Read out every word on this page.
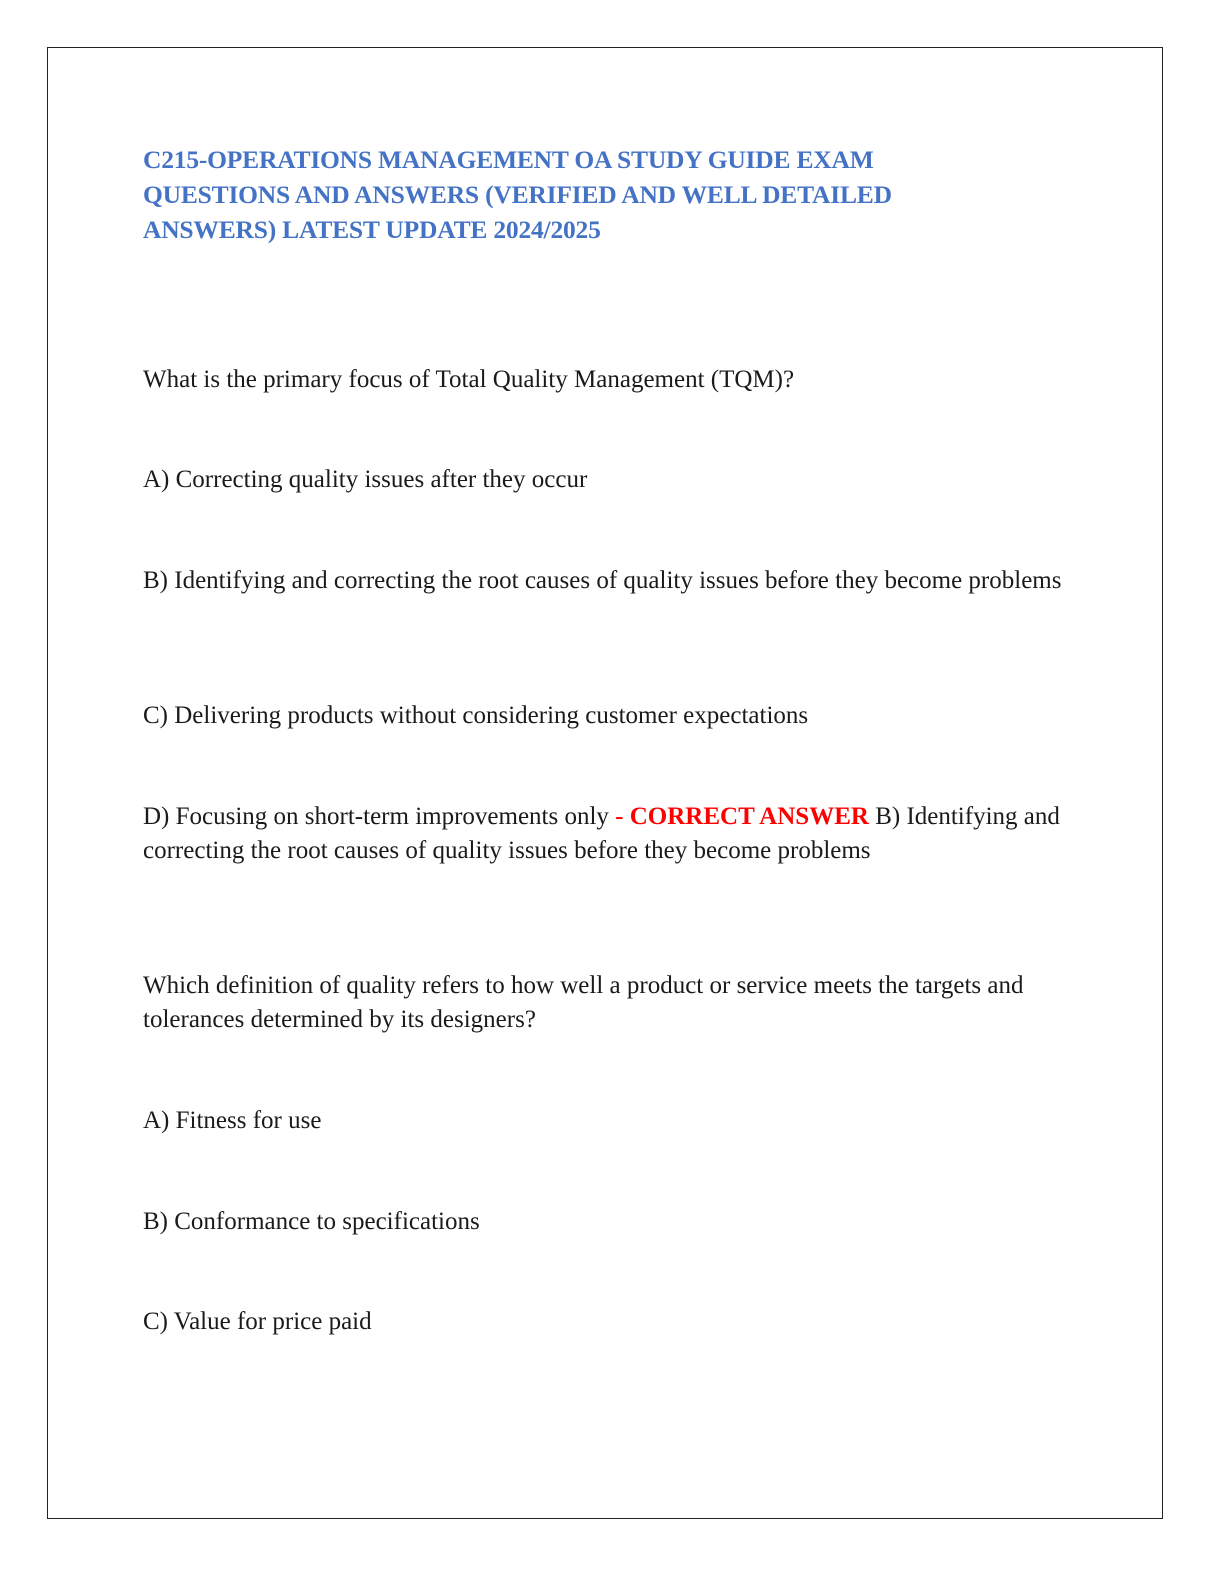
C215-OPERATIONS MANAGEMENT OA STUDY GUIDE EXAM QUESTIONS AND ANSWERS (VERIFIED AND WELL DETAILED ANSWERS) LATEST UPDATE 2024/2025

What is the primary focus of Total Quality Management (TQM)?

A) Correcting quality issues after they occur

B) Identifying and correcting the root causes of quality issues before they become problems

C) Delivering products without considering customer expectations

D) Focusing on short-term improvements only - CORRECT ANSWER B) Identifying and correcting the root causes of quality issues before they become problems

Which definition of quality refers to how well a product or service meets the targets and tolerances determined by its designers?

A) Fitness for use

B) Conformance to specifications

C) Value for price paid
